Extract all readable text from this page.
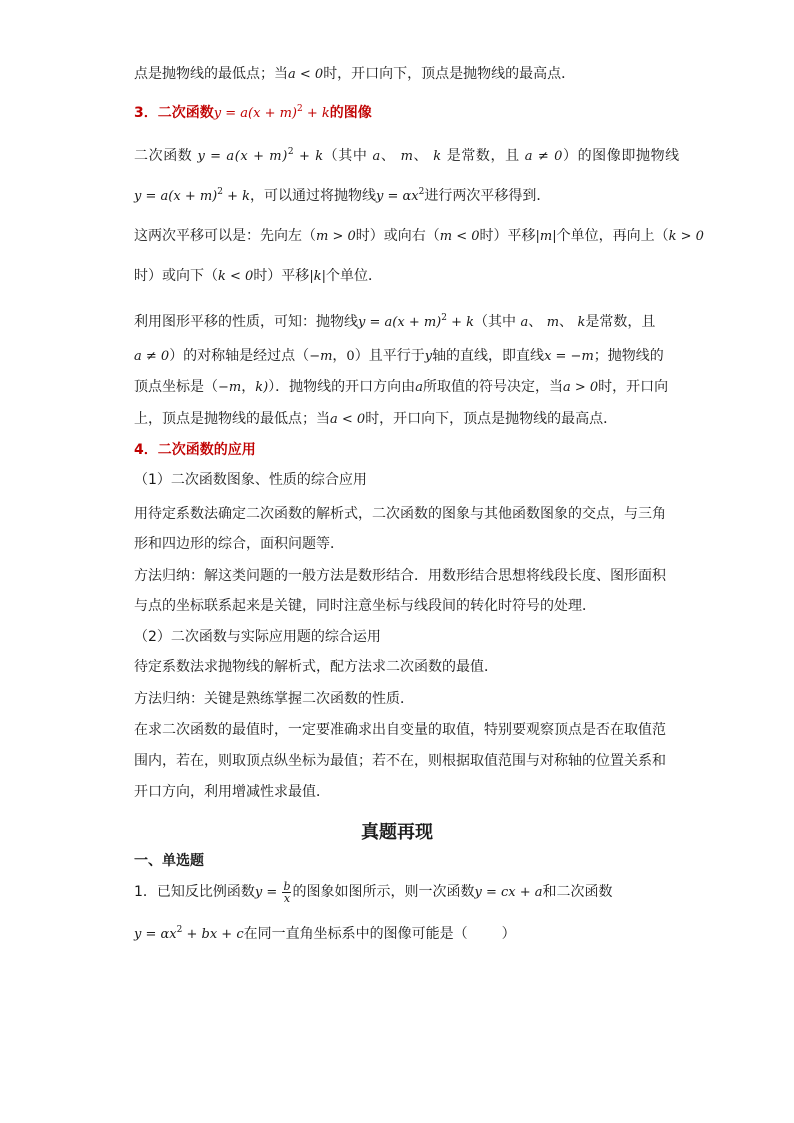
点是抛物线的最低点；当a < 0时，开口向下，顶点是抛物线的最高点．
3．二次函数$y = a(x + m)^2 + k$的图像
二次函数 $y = a(x + m)^2 + k$（其中 a、 m、 k 是常数，且 a ≠ 0）的图像即抛物线
$y = a(x + m)^2 + k$，可以通过将抛物线$y = \alpha x^2$进行两次平移得到．
这两次平移可以是：先向左（m > 0时）或向右（m < 0时）平移|m|个单位，再向上（k > 0
时）或向下（k < 0时）平移|k|个单位．
利用图形平移的性质，可知：抛物线$y = a(x + m)^2 + k$（其中 a、 m、 k是常数，且
a ≠ 0）的对称轴是经过点（−m，0）且平行于y轴的直线，即直线x = −m；抛物线的
顶点坐标是（−m，k)）．抛物线的开口方向由a所取值的符号决定，当a > 0时，开口向
上，顶点是抛物线的最低点；当a < 0时，开口向下，顶点是抛物线的最高点．
4．二次函数的应用
（1）二次函数图象、性质的综合应用
用待定系数法确定二次函数的解析式，二次函数的图象与其他函数图象的交点，与三角
形和四边形的综合，面积问题等．
方法归纳：解这类问题的一般方法是数形结合．用数形结合思想将线段长度、图形面积
与点的坐标联系起来是关键，同时注意坐标与线段间的转化时符号的处理．
（2）二次函数与实际应用题的综合运用
待定系数法求抛物线的解析式，配方法求二次函数的最值．
方法归纳：关键是熟练掌握二次函数的性质．
在求二次函数的最值时，一定要准确求出自变量的取值，特别要观察顶点是否在取值范
围内，若在，则取顶点纵坐标为最值；若不在，则根据取值范围与对称轴的位置关系和
开口方向，利用增减性求最值．
真题再现
一、单选题
1．已知反比例函数$y = \frac{b}{x}$ 的图象如图所示，则一次函数y = cx + a和二次函数
$y = \alpha x^2$ + bx + c在同一直角坐标系中的图像可能是（ ）
